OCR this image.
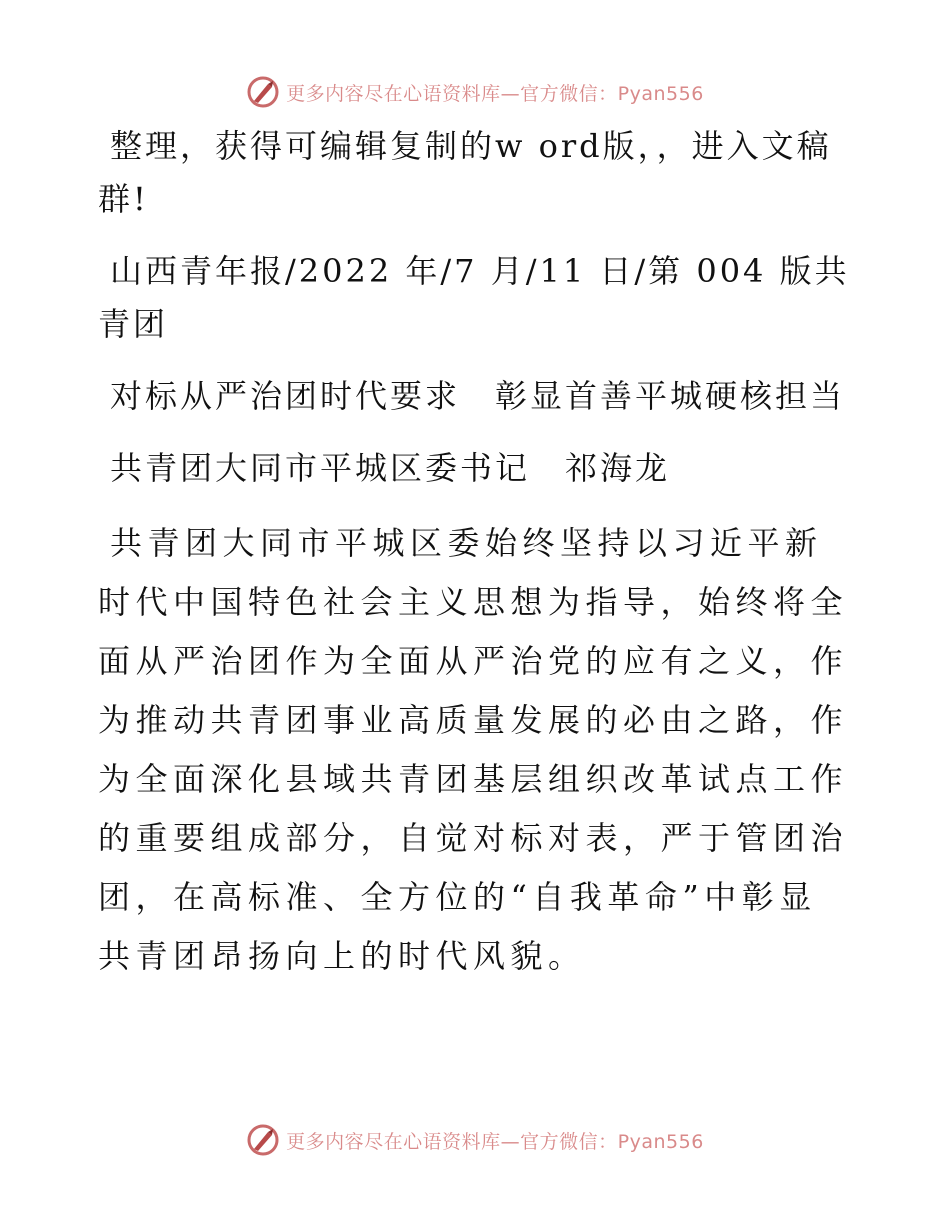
更多内容尽在心语资料库—官方微信：Pyan556

整理，获得可编辑复制的w ord版，，进入文稿群!

山西青年报/2022 年/7 月/11 日/第 004 版共青团

对标从严治团时代要求　彰显首善平城硬核担当

共青团大同市平城区委书记　祁海龙

共青团大同市平城区委始终坚持以习近平新时代中国特色社会主义思想为指导，始终将全面从严治团作为全面从严治党的应有之义，作为推动共青团事业高质量发展的必由之路，作为全面深化县域共青团基层组织改革试点工作的重要组成部分，自觉对标对表，严于管团治团，在高标准、全方位的“自我革命”中彰显共青团昂扬向上的时代风貌。

更多内容尽在心语资料库—官方微信：Pyan556
